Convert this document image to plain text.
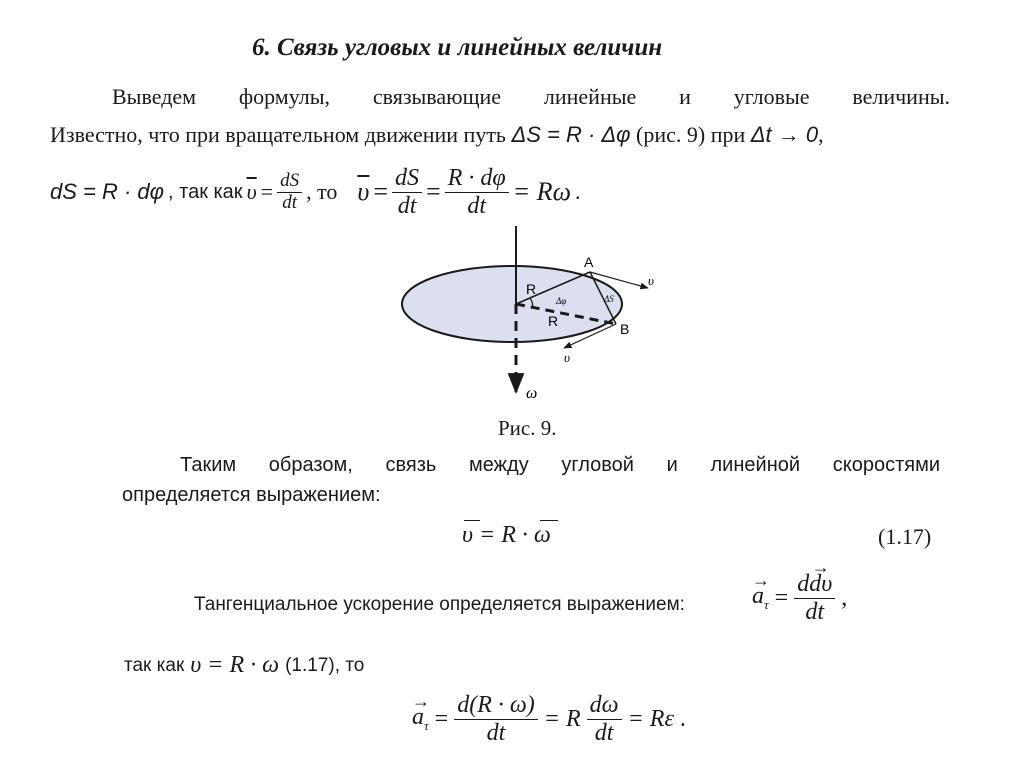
6. Связь угловых и линейных величин
Выведем формулы, связывающие линейные и угловые величины.
Известно, что при вращательном движении путь ΔS = R · Δφ (рис. 9) при Δt → 0,
dS = R · dφ , так как $\overline{\upsilon} = \frac{dS}{dt}$ , то $\overline{\upsilon} = \frac{dS}{dt} = \frac{R \cdot d\varphi}{dt} = R\omega$ .
A
B
R
R
Δφ	ΔS
υ
υ
ω
Рис. 9.
Таким образом, связь между угловой и линейной скоростями
определяется выражением:
υ = R · ω	(1.17)
Тангенциальное ускорение определяется выражением:	→ $a_\tau = \frac{d\to d\upsilon}{dt}$ ,
так как υ = R · ω (1.17), то
→ $a_\tau = \frac{d(R \cdot \omega)}{dt} = R \frac{d\omega}{dt} = R\varepsilon$ .
